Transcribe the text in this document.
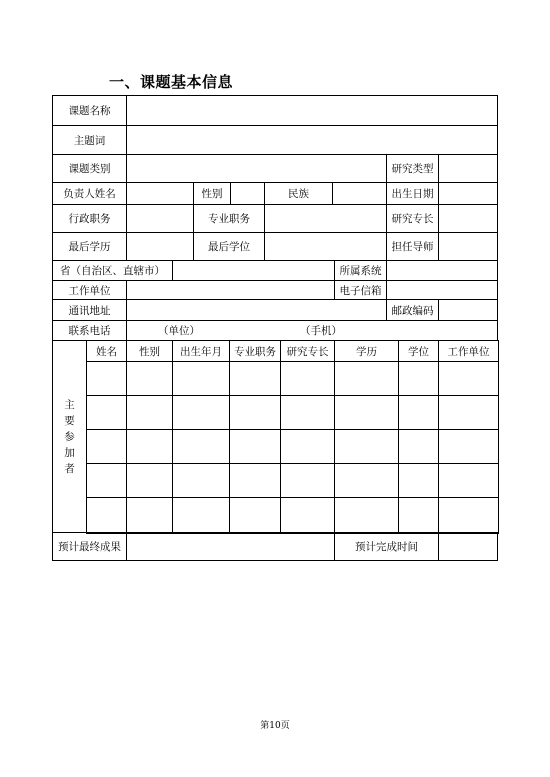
一、课题基本信息
课题名称
主题词
课题类别	研究类型
负责人姓名	性别	民族	出生日期
行政职务	专业职务	研究专长
最后学历	最后学位	担任导师
省（自治区、直辖市）	所属系统
工作单位	电子信箱
通讯地址	邮政编码
联系电话	（单位）	（手机）
主
要
参
加
者
姓名	性别	出生年月	专业职务	研究专长	学历	学位	工作单位
预计最终成果	预计完成时间
第10页
